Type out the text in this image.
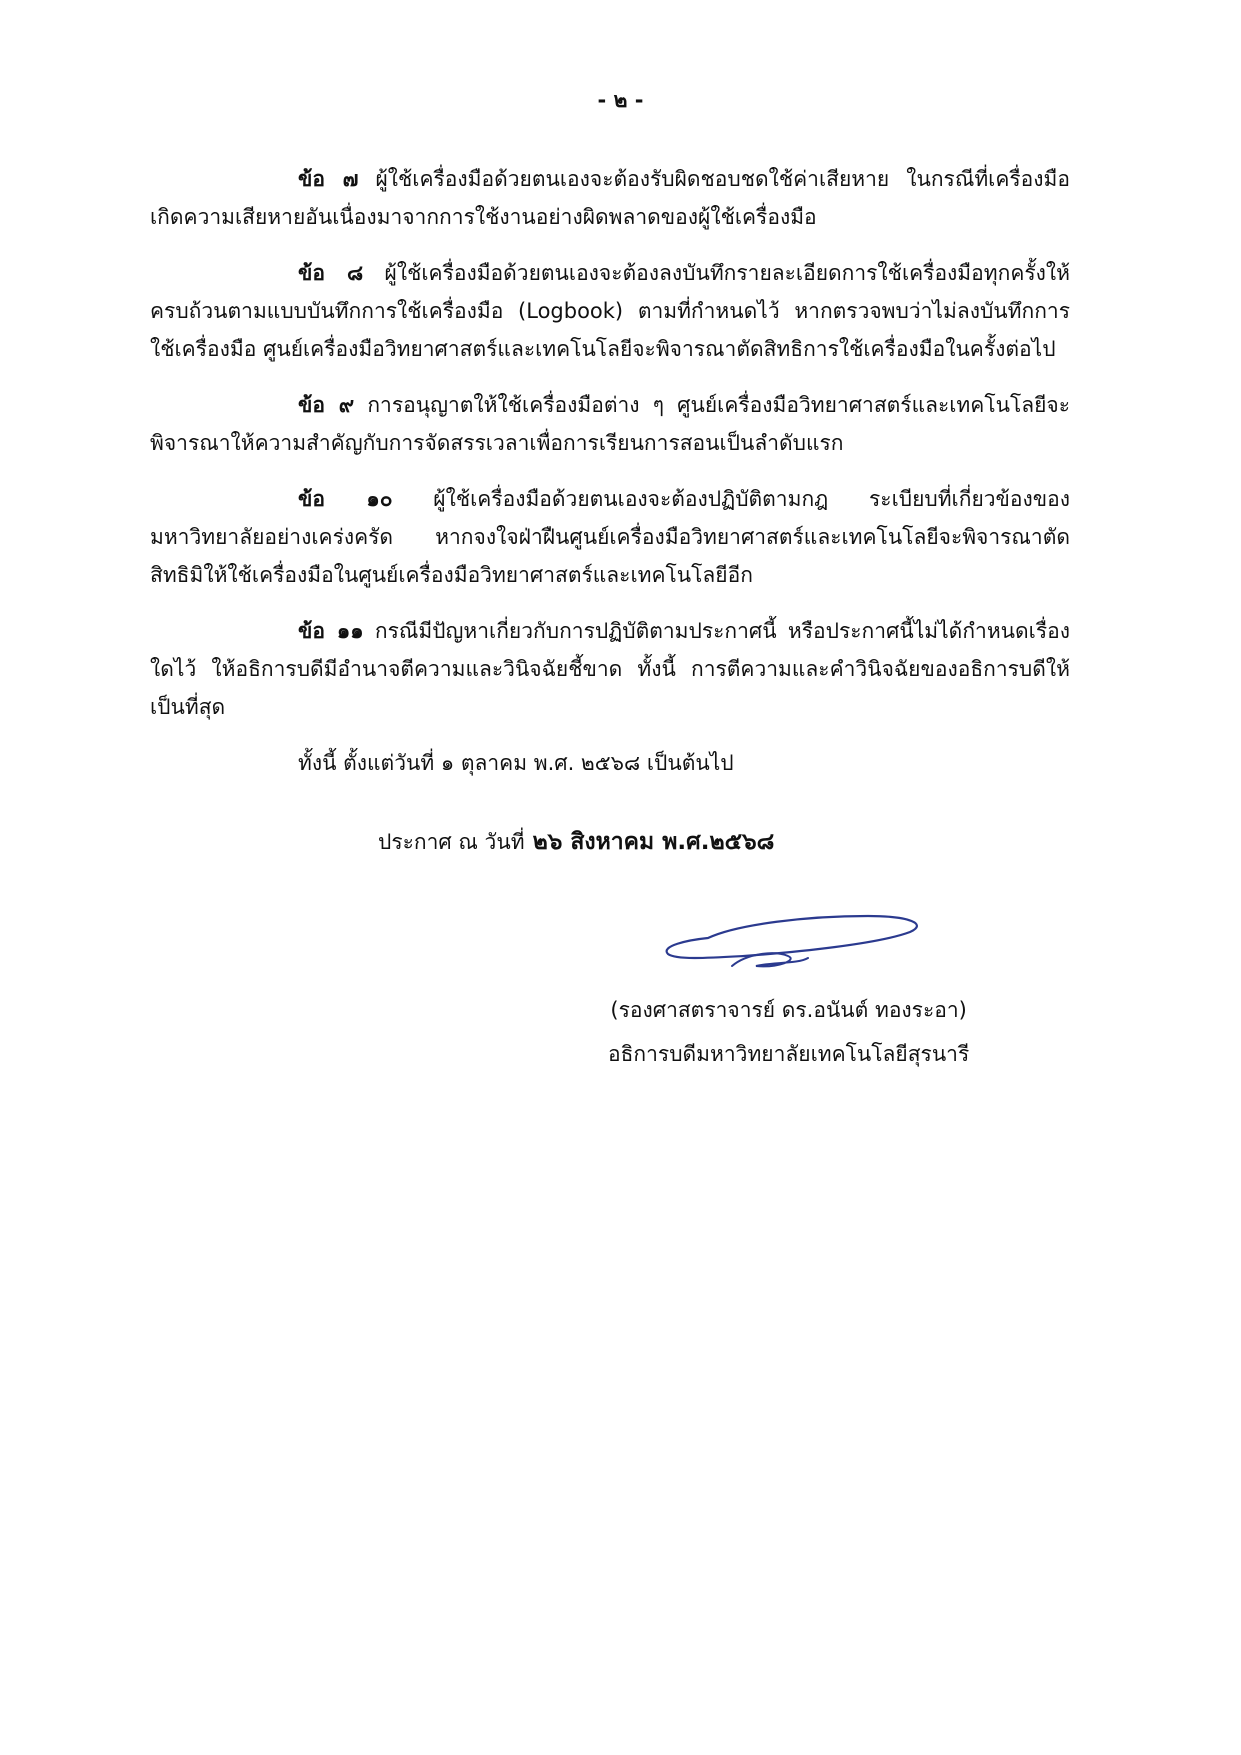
- ๒ -

ข้อ ๗ ผู้ใช้เครื่องมือด้วยตนเองจะต้องรับผิดชอบชดใช้ค่าเสียหาย ในกรณีที่เครื่องมือเกิดความเสียหายอันเนื่องมาจากการใช้งานอย่างผิดพลาดของผู้ใช้เครื่องมือ

ข้อ ๘ ผู้ใช้เครื่องมือด้วยตนเองจะต้องลงบันทึกรายละเอียดการใช้เครื่องมือทุกครั้งให้ครบถ้วนตามแบบบันทึกการใช้เครื่องมือ (Logbook) ตามที่กำหนดไว้ หากตรวจพบว่าไม่ลงบันทึกการใช้เครื่องมือ ศูนย์เครื่องมือวิทยาศาสตร์และเทคโนโลยีจะพิจารณาตัดสิทธิการใช้เครื่องมือในครั้งต่อไป

ข้อ ๙ การอนุญาตให้ใช้เครื่องมือต่าง ๆ ศูนย์เครื่องมือวิทยาศาสตร์และเทคโนโลยีจะพิจารณาให้ความสำคัญกับการจัดสรรเวลาเพื่อการเรียนการสอนเป็นลำดับแรก

ข้อ ๑๐ ผู้ใช้เครื่องมือด้วยตนเองจะต้องปฏิบัติตามกฎ ระเบียบที่เกี่ยวข้องของมหาวิทยาลัยอย่างเคร่งครัด หากจงใจฝ่าฝืนศูนย์เครื่องมือวิทยาศาสตร์และเทคโนโลยีจะพิจารณาตัดสิทธิมิให้ใช้เครื่องมือในศูนย์เครื่องมือวิทยาศาสตร์และเทคโนโลยีอีก

ข้อ ๑๑ กรณีมีปัญหาเกี่ยวกับการปฏิบัติตามประกาศนี้ หรือประกาศนี้ไม่ได้กำหนดเรื่องใดไว้ ให้อธิการบดีมีอำนาจตีความและวินิจฉัยชี้ขาด ทั้งนี้ การตีความและคำวินิจฉัยของอธิการบดีให้เป็นที่สุด

ทั้งนี้ ตั้งแต่วันที่ ๑ ตุลาคม พ.ศ. ๒๕๖๘ เป็นต้นไป

ประกาศ ณ วันที่ ๒๖ สิงหาคม พ.ศ.๒๕๖๘
(รองศาสตราจารย์ ดร.อนันต์ ทองระอา)
อธิการบดีมหาวิทยาลัยเทคโนโลยีสุรนารี
